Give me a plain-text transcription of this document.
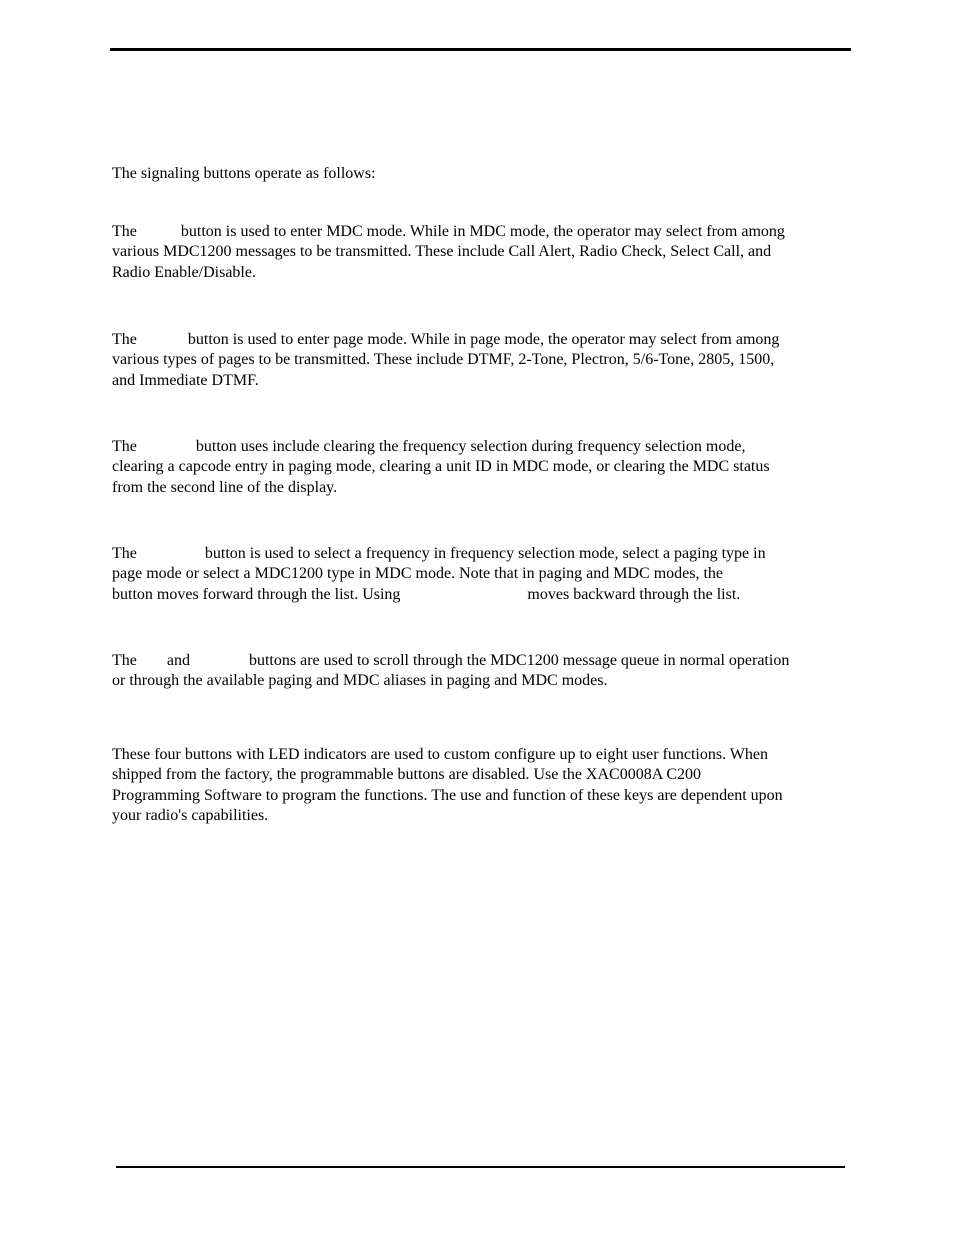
The signaling buttons operate as follows:
The	button is used to enter MDC mode. While in MDC mode, the operator may select from among
various MDC1200 messages to be transmitted. These include Call Alert, Radio Check, Select Call, and
Radio Enable/Disable.
The	button is used to enter page mode. While in page mode, the operator may select from among
various types of pages to be transmitted. These include DTMF, 2-Tone, Plectron, 5/6-Tone, 2805, 1500,
and Immediate DTMF.
The	button uses include clearing the frequency selection during frequency selection mode,
clearing a capcode entry in paging mode, clearing a unit ID in MDC mode, or clearing the MDC status
from the second line of the display.
The	button is used to select a frequency in frequency selection mode, select a paging type in
page mode or select a MDC1200 type in MDC mode. Note that in paging and MDC modes, the
button moves forward through the list. Using	moves backward through the list.
The and	buttons are used to scroll through the MDC1200 message queue in normal operation
or through the available paging and MDC aliases in paging and MDC modes.
These four buttons with LED indicators are used to custom configure up to eight user functions. When
shipped from the factory, the programmable buttons are disabled. Use the XAC0008A C200
Programming Software to program the functions. The use and function of these keys are dependent upon
your radio's capabilities.
